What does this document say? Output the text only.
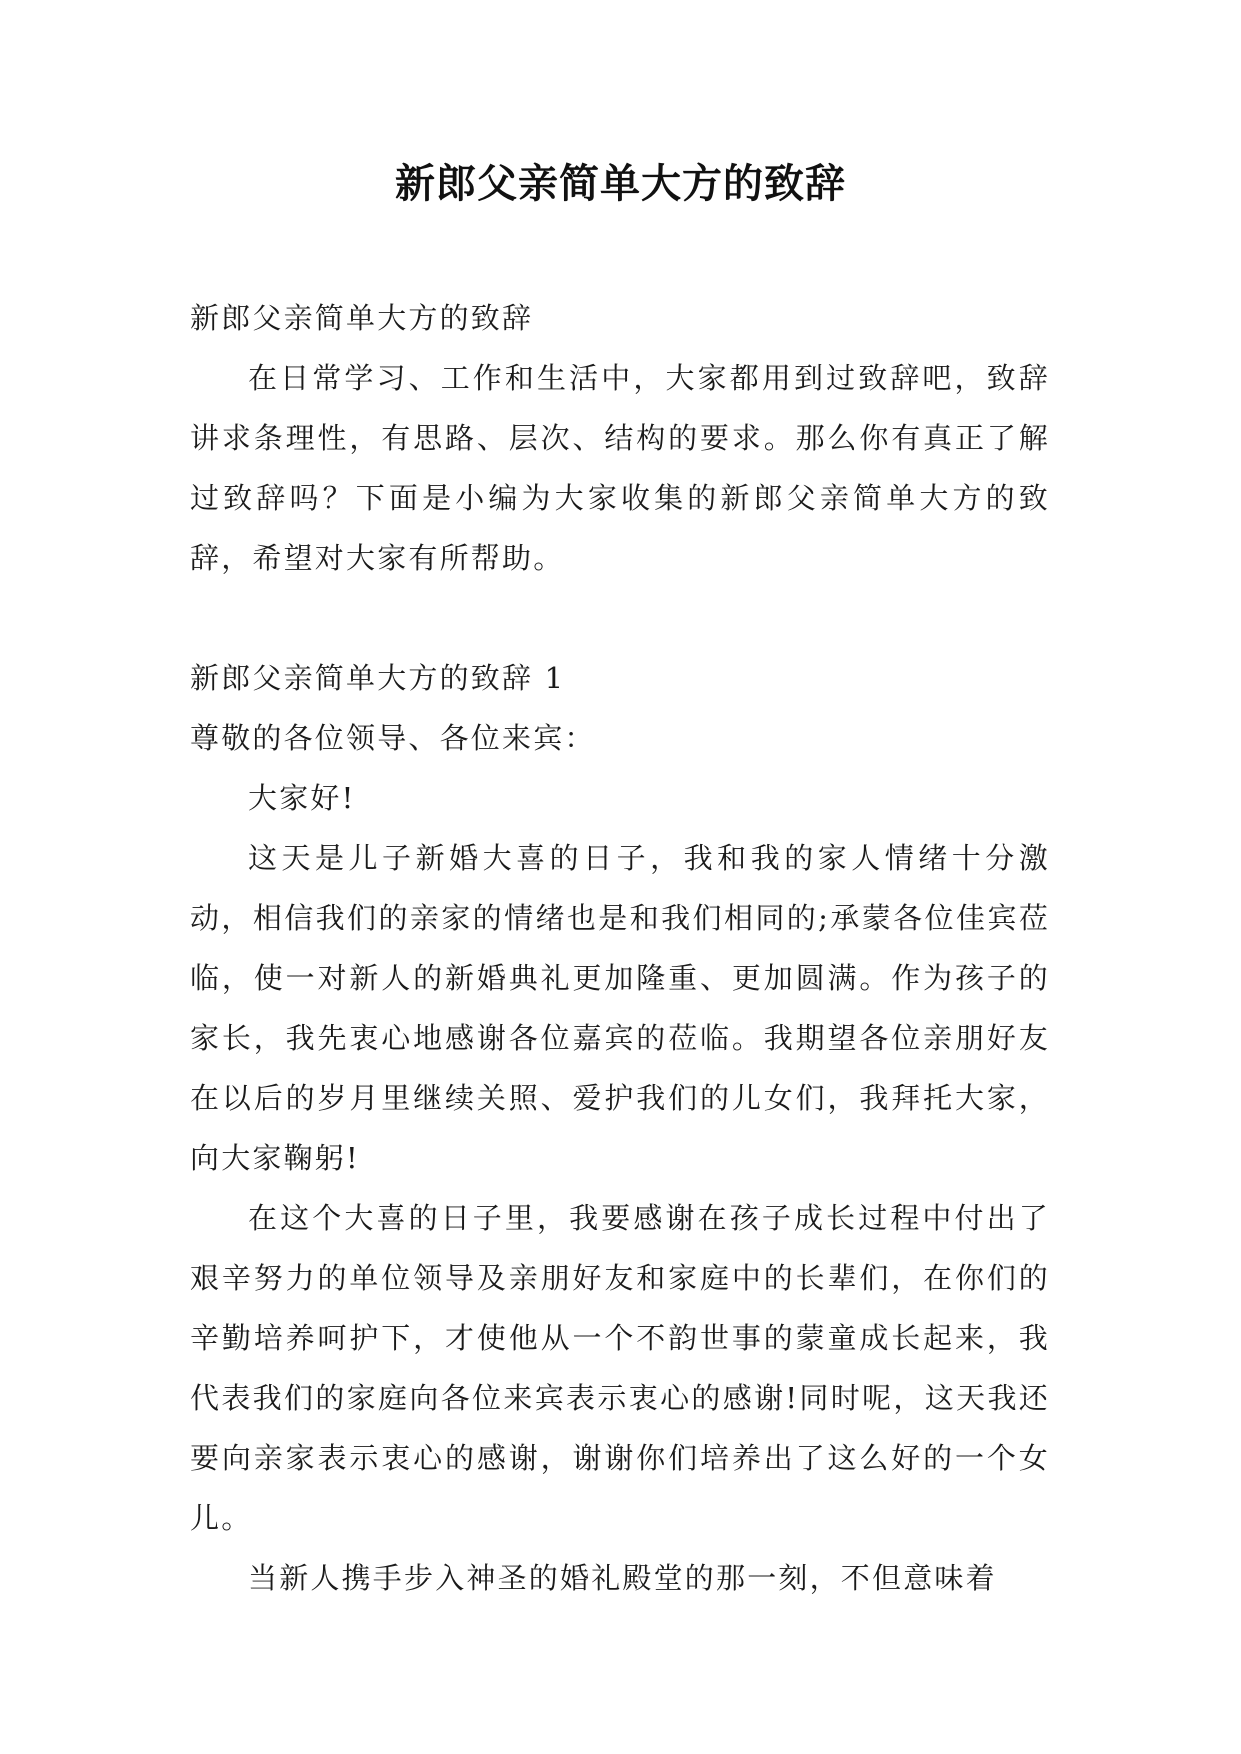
新郎父亲简单大方的致辞

新郎父亲简单大方的致辞

在日常学习、工作和生活中，大家都用到过致辞吧，致辞讲求条理性，有思路、层次、结构的要求。那么你有真正了解过致辞吗？下面是小编为大家收集的新郎父亲简单大方的致辞，希望对大家有所帮助。

新郎父亲简单大方的致辞 1

尊敬的各位领导、各位来宾：

大家好!

这天是儿子新婚大喜的日子，我和我的家人情绪十分激动，相信我们的亲家的情绪也是和我们相同的;承蒙各位佳宾莅临，使一对新人的新婚典礼更加隆重、更加圆满。作为孩子的家长，我先衷心地感谢各位嘉宾的莅临。我期望各位亲朋好友在以后的岁月里继续关照、爱护我们的儿女们，我拜托大家，向大家鞠躬!

在这个大喜的日子里，我要感谢在孩子成长过程中付出了艰辛努力的单位领导及亲朋好友和家庭中的长辈们，在你们的辛勤培养呵护下，才使他从一个不韵世事的蒙童成长起来，我代表我们的家庭向各位来宾表示衷心的感谢!同时呢，这天我还要向亲家表示衷心的感谢，谢谢你们培养出了这么好的一个女儿。

当新人携手步入神圣的婚礼殿堂的那一刻，不但意味着
